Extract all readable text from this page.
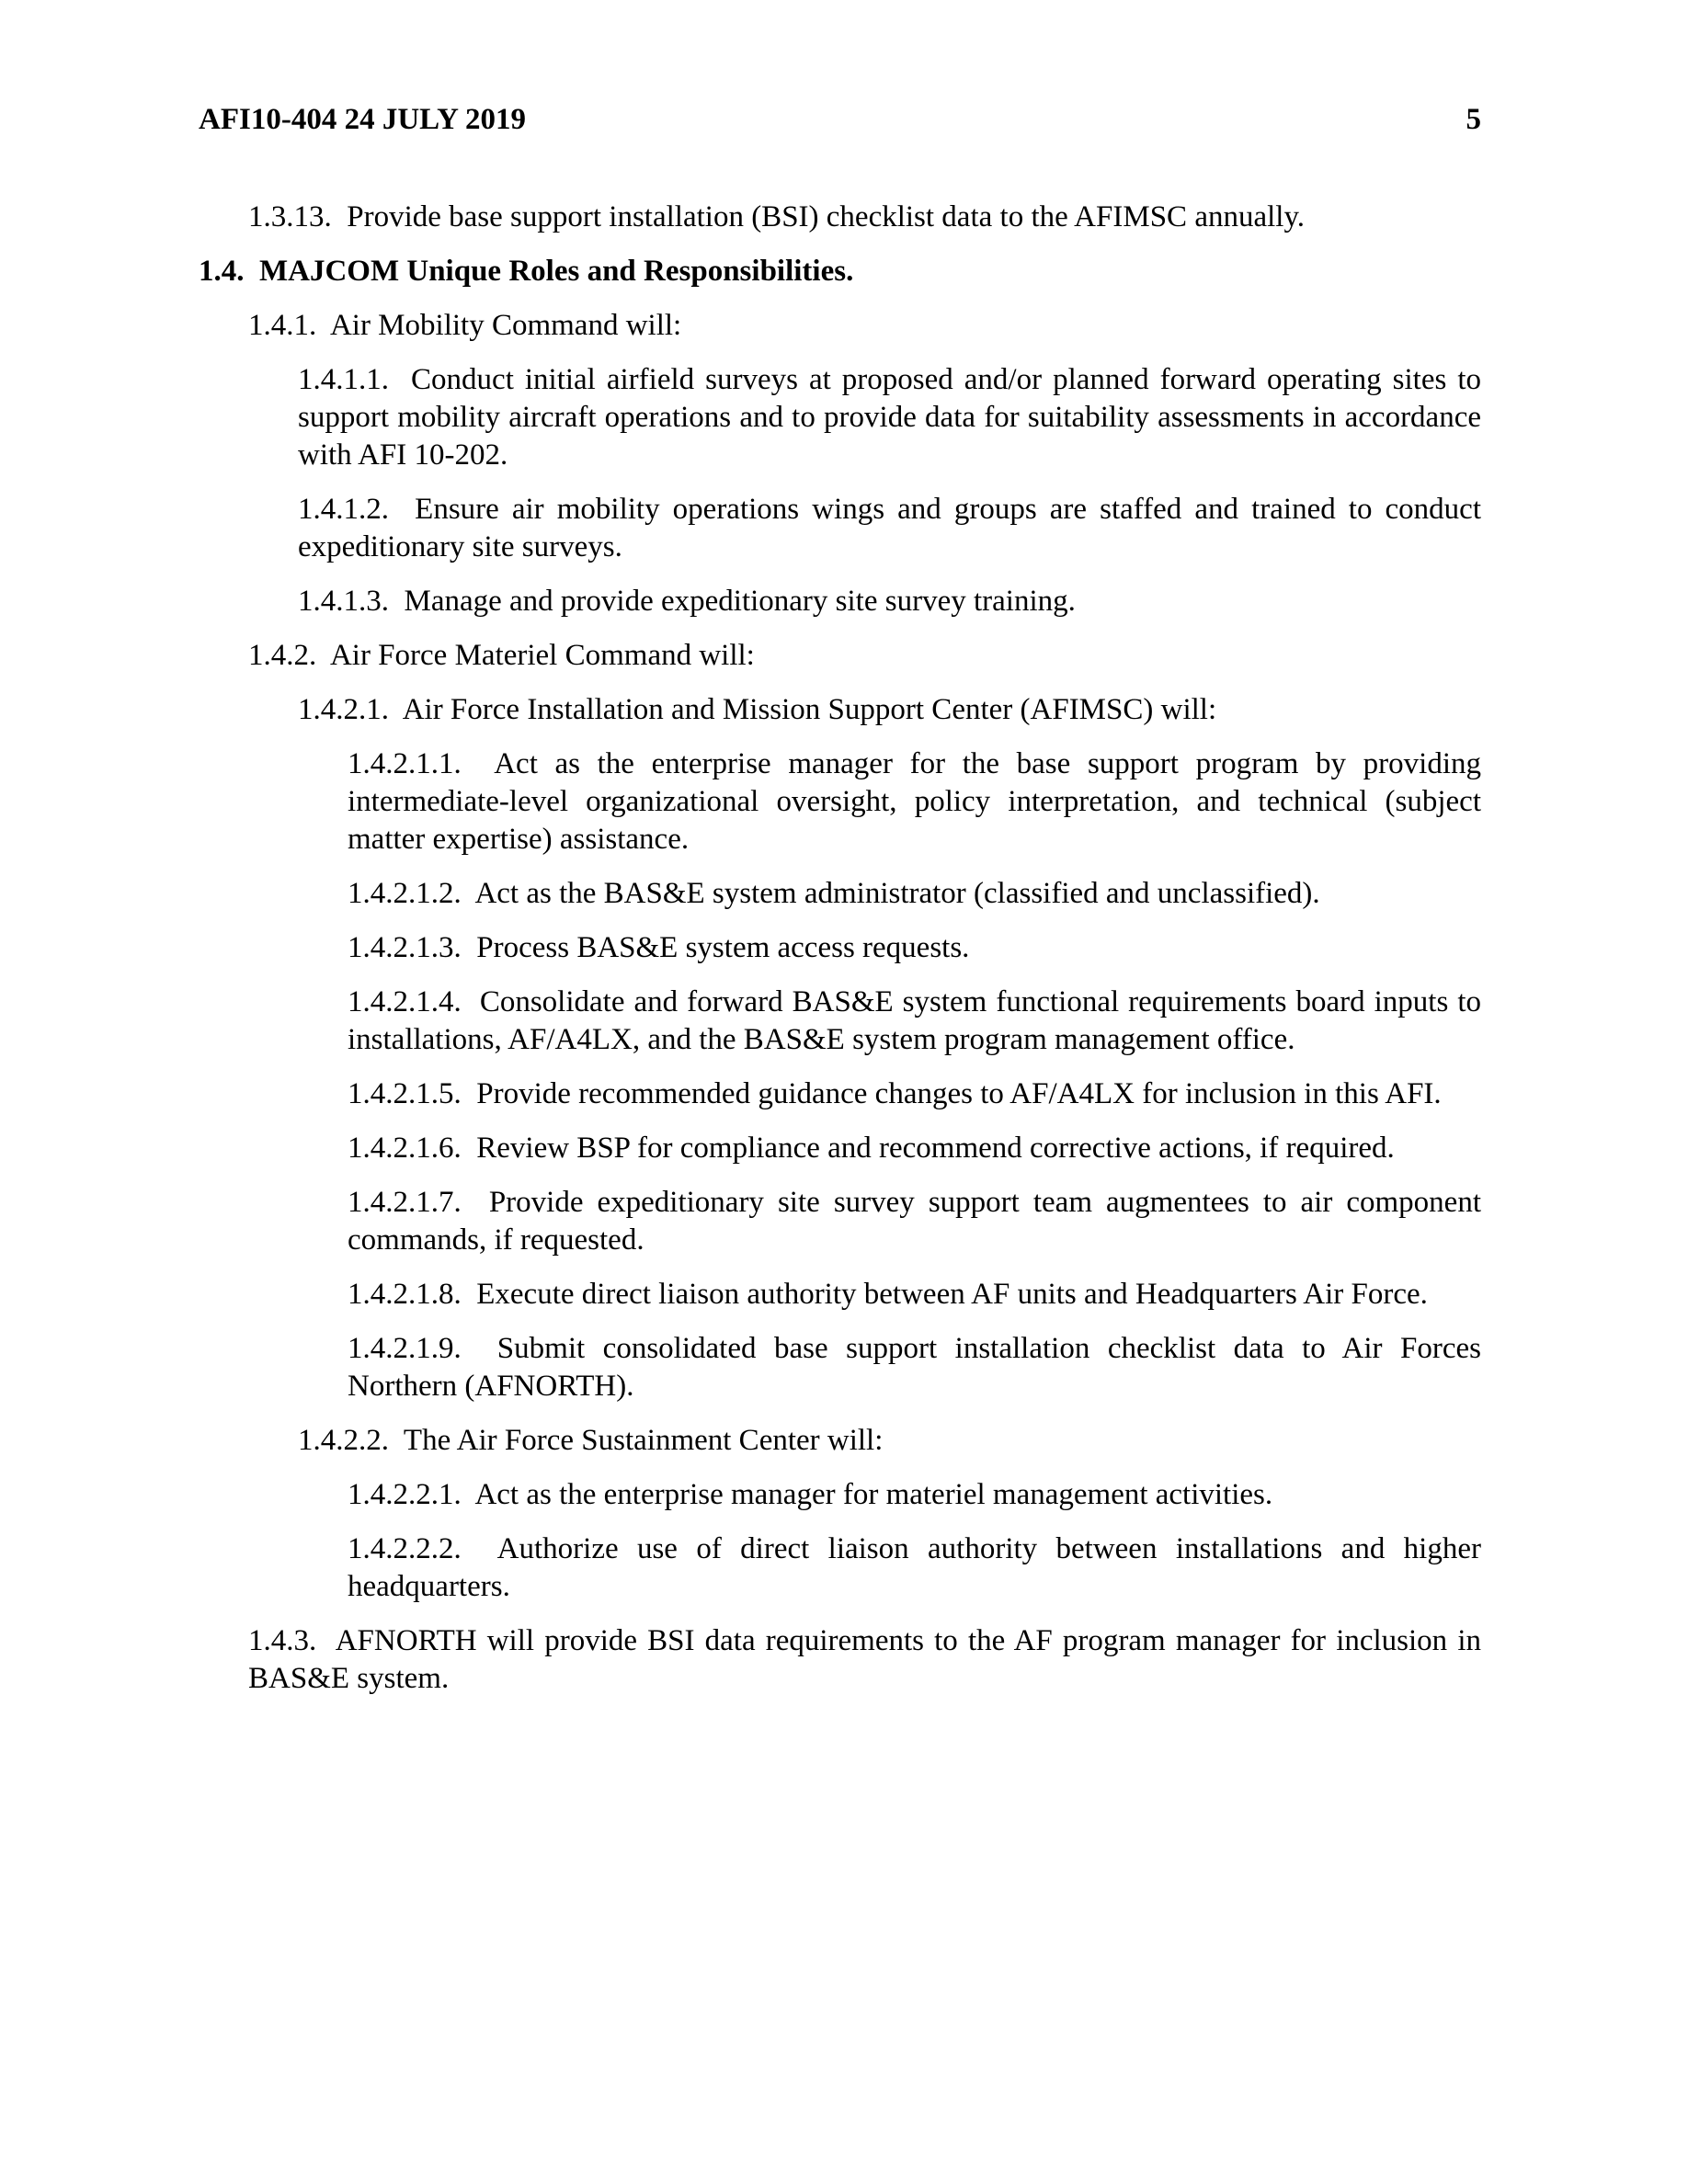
AFI10-404 24 JULY 2019	5

1.3.13. Provide base support installation (BSI) checklist data to the AFIMSC annually.

1.4. MAJCOM Unique Roles and Responsibilities.

1.4.1. Air Mobility Command will:

1.4.1.1. Conduct initial airfield surveys at proposed and/or planned forward operating sites to support mobility aircraft operations and to provide data for suitability assessments in accordance with AFI 10-202.

1.4.1.2. Ensure air mobility operations wings and groups are staffed and trained to conduct expeditionary site surveys.

1.4.1.3. Manage and provide expeditionary site survey training.

1.4.2. Air Force Materiel Command will:

1.4.2.1. Air Force Installation and Mission Support Center (AFIMSC) will:

1.4.2.1.1. Act as the enterprise manager for the base support program by providing intermediate-level organizational oversight, policy interpretation, and technical (subject matter expertise) assistance.

1.4.2.1.2. Act as the BAS&E system administrator (classified and unclassified).

1.4.2.1.3. Process BAS&E system access requests.

1.4.2.1.4. Consolidate and forward BAS&E system functional requirements board inputs to installations, AF/A4LX, and the BAS&E system program management office.

1.4.2.1.5. Provide recommended guidance changes to AF/A4LX for inclusion in this AFI.

1.4.2.1.6. Review BSP for compliance and recommend corrective actions, if required.

1.4.2.1.7. Provide expeditionary site survey support team augmentees to air component commands, if requested.

1.4.2.1.8. Execute direct liaison authority between AF units and Headquarters Air Force.

1.4.2.1.9. Submit consolidated base support installation checklist data to Air Forces Northern (AFNORTH).

1.4.2.2. The Air Force Sustainment Center will:

1.4.2.2.1. Act as the enterprise manager for materiel management activities.

1.4.2.2.2. Authorize use of direct liaison authority between installations and higher headquarters.

1.4.3. AFNORTH will provide BSI data requirements to the AF program manager for inclusion in BAS&E system.
